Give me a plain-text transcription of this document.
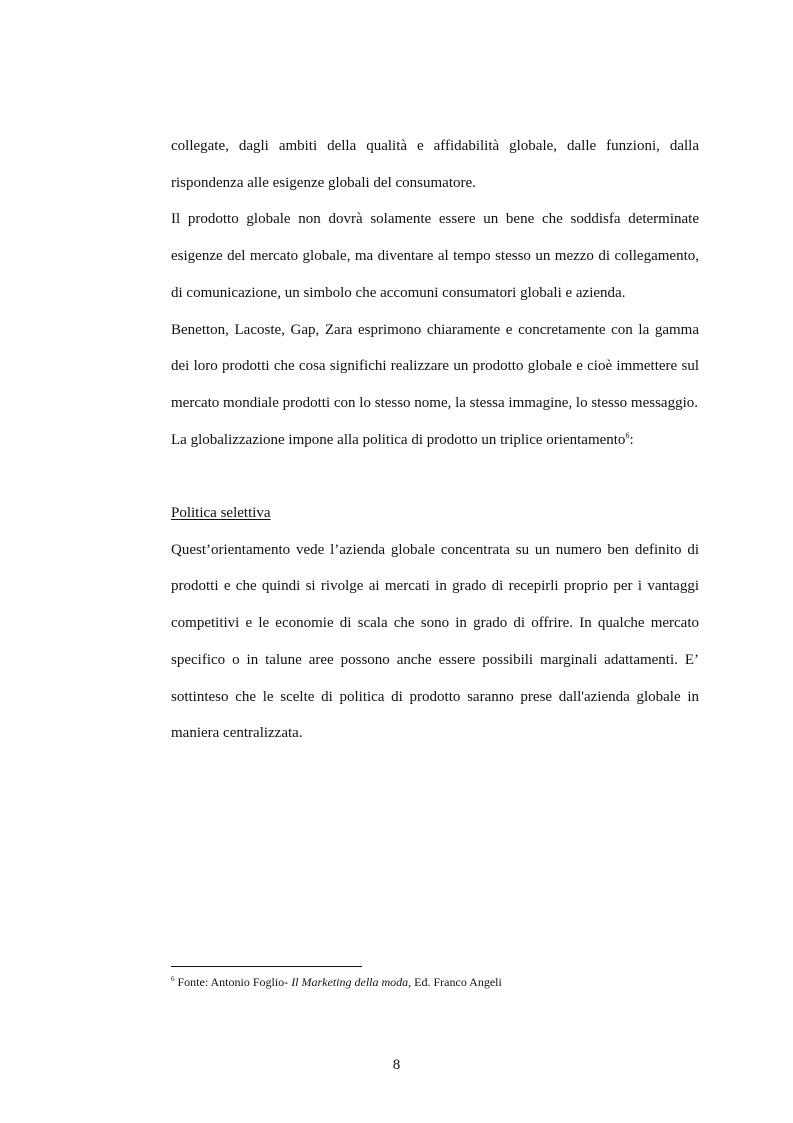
collegate, dagli ambiti della qualità e affidabilità globale, dalle funzioni, dalla rispondenza alle esigenze globali del consumatore.

Il prodotto globale non dovrà solamente essere un bene che soddisfa determinate esigenze del mercato globale, ma diventare al tempo stesso un mezzo di collegamento, di comunicazione, un simbolo che accomuni consumatori globali e azienda.

Benetton, Lacoste, Gap, Zara esprimono chiaramente e concretamente con la gamma dei loro prodotti che cosa significhi realizzare un prodotto globale e cioè immettere sul mercato mondiale prodotti con lo stesso nome, la stessa immagine, lo stesso messaggio.

La globalizzazione impone alla politica di prodotto un triplice orientamento$^6$:

Politica selettiva

Quest’orientamento vede l’azienda globale concentrata su un numero ben definito di prodotti e che quindi si rivolge ai mercati in grado di recepirli proprio per i vantaggi competitivi e le economie di scala che sono in grado di offrire. In qualche mercato specifico o in talune aree possono anche essere possibili marginali adattamenti. E’ sottinteso che le scelte di politica di prodotto saranno prese dall'azienda globale in maniera centralizzata.

$^6$ Fonte: Antonio Foglio- Il Marketing della moda, Ed. Franco Angeli
8
